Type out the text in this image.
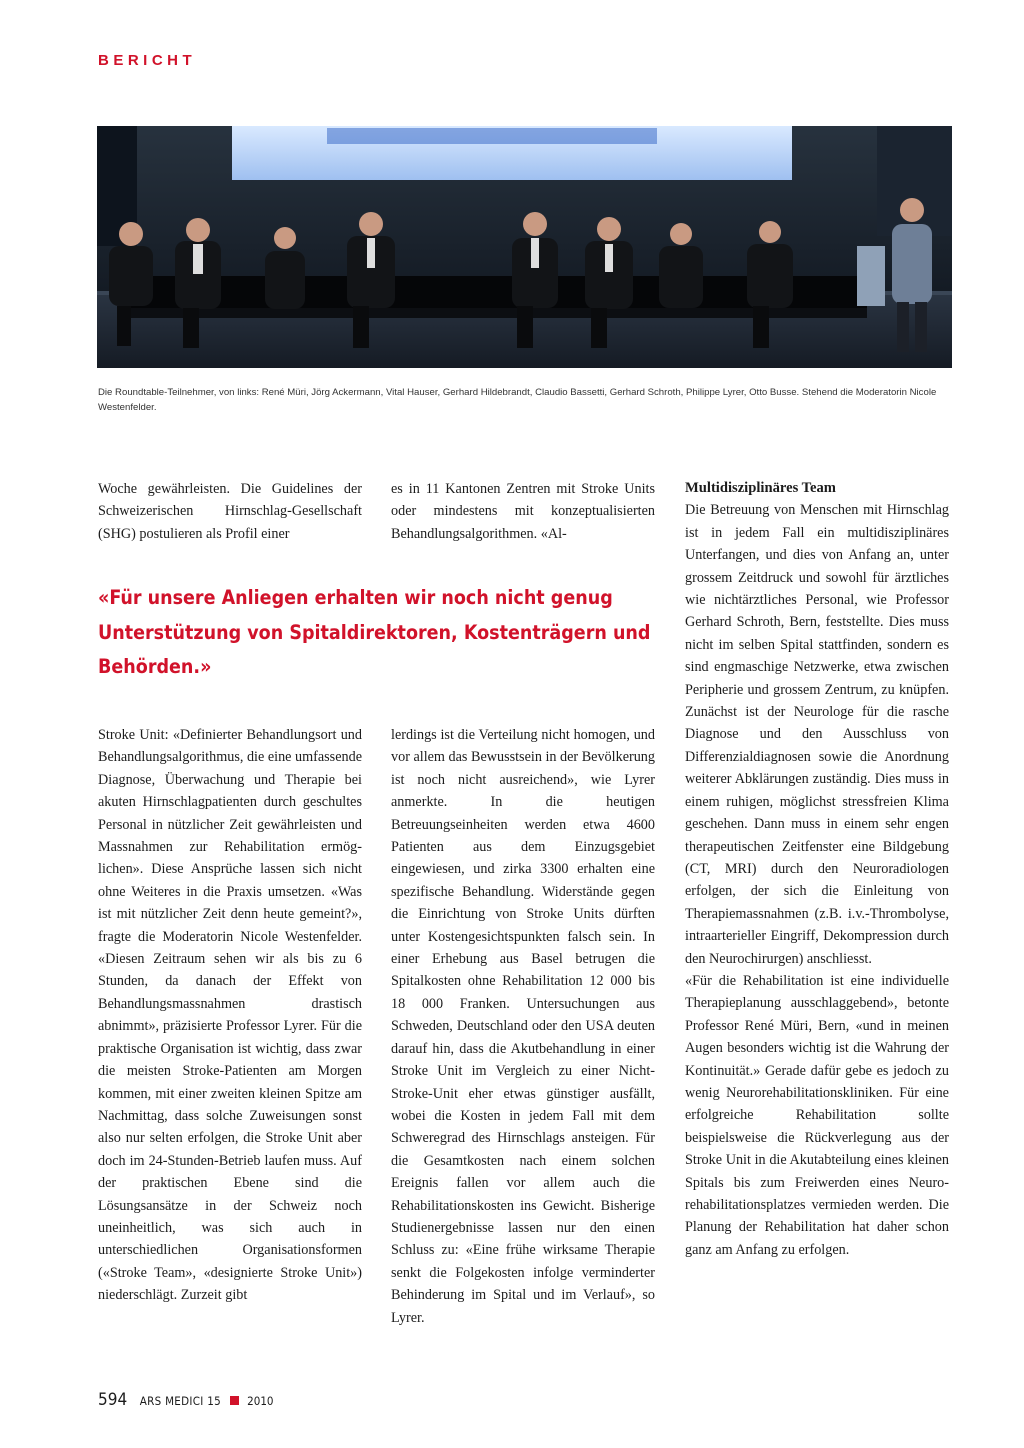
BERICHT

Die Roundtable-Teilnehmer, von links: René Müri, Jörg Ackermann, Vital Hauser, Gerhard Hildebrandt, Claudio Bassetti, Gerhard Schroth, Philippe Lyrer, Otto Busse. Stehend die Moderatorin Nicole Westenfelder.

Woche gewährleisten. Die Guidelines der Schweizerischen Hirnschlag-Gesellschaft (SHG) postulieren als Profil einer

es in 11 Kantonen Zentren mit Stroke Units oder mindestens mit konzeptualisierten Behandlungsalgorithmen. «Al-

«Für unsere Anliegen erhalten wir noch nicht genug Unterstützung von Spitaldirektoren, Kostenträgern und Behörden.»

Stroke Unit: «Definierter Behandlungsort und Behandlungsalgorithmus, die eine umfassende Diagnose, Überwachung und Therapie bei akuten Hirnschlagpatienten durch geschultes Personal in nützlicher Zeit gewährleisten und Massnahmen zur Rehabilitation ermöglichen». Diese Ansprüche lassen sich nicht ohne Weiteres in die Praxis umsetzen. «Was ist mit nützlicher Zeit denn heute gemeint?», fragte die Moderatorin Nicole Westenfelder. «Diesen Zeitraum sehen wir als bis zu 6 Stunden, da danach der Effekt von Behandlungsmassnahmen drastisch abnimmt», präzisierte Professor Lyrer. Für die praktische Organisation ist wichtig, dass zwar die meisten Stroke-Patienten am Morgen kommen, mit einer zweiten kleinen Spitze am Nachmittag, dass solche Zuweisungen sonst also nur selten erfolgen, die Stroke Unit aber doch im 24-Stunden-Betrieb laufen muss. Auf der praktischen Ebene sind die Lösungsansätze in der Schweiz noch uneinheitlich, was sich auch in unterschiedlichen Organisationsformen («Stroke Team», «designierte Stroke Unit») niederschlägt. Zurzeit gibt

lerdings ist die Verteilung nicht homogen, und vor allem das Bewusstsein in der Bevölkerung ist noch nicht ausreichend», wie Lyrer anmerkte. In die heutigen Betreuungseinheiten werden etwa 4600 Patienten aus dem Einzugsgebiet eingewiesen, und zirka 3300 erhalten eine spezifische Behandlung. Widerstände gegen die Einrichtung von Stroke Units dürften unter Kostengesichtspunkten falsch sein. In einer Erhebung aus Basel betrugen die Spitalkosten ohne Rehabilitation 12 000 bis 18 000 Franken. Untersuchungen aus Schweden, Deutschland oder den USA deuten darauf hin, dass die Akutbehandlung in einer Stroke Unit im Vergleich zu einer Nicht-Stroke-Unit eher etwas günstiger ausfällt, wobei die Kosten in jedem Fall mit dem Schweregrad des Hirnschlags ansteigen. Für die Gesamtkosten nach einem solchen Ereignis fallen vor allem auch die Rehabilitationskosten ins Gewicht. Bisherige Studienergebnisse lassen nur den einen Schluss zu: «Eine frühe wirksame Therapie senkt die Folgekosten infolge verminderter Behinderung im Spital und im Verlauf», so Lyrer.

Multidisziplinäres Team

Die Betreuung von Menschen mit Hirnschlag ist in jedem Fall ein multidisziplinäres Unterfangen, und dies von Anfang an, unter grossem Zeitdruck und sowohl für ärztliches wie nichtärztliches Personal, wie Professor Gerhard Schroth, Bern, feststellte. Dies muss nicht im selben Spital stattfinden, sondern es sind engmaschige Netzwerke, etwa zwischen Peripherie und grossem Zentrum, zu knüpfen. Zunächst ist der Neurologe für die rasche Diagnose und den Ausschluss von Differenzialdiagnosen sowie die Anordnung weiterer Abklärungen zuständig. Dies muss in einem ruhigen, möglichst stressfreien Klima geschehen. Dann muss in einem sehr engen therapeutischen Zeitfenster eine Bildgebung (CT, MRI) durch den Neuroradiologen erfolgen, der sich die Einleitung von Therapiemassnahmen (z.B. i.v.-Thrombolyse, intraarterieller Eingriff, Dekompression durch den Neurochirurgen) anschliesst.

«Für die Rehabilitation ist eine individuelle Therapieplanung ausschlaggebend», betonte Professor René Müri, Bern, «und in meinen Augen besonders wichtig ist die Wahrung der Kontinuität.» Gerade dafür gebe es jedoch zu wenig Neurorehabilitationskliniken. Für eine erfolgreiche Rehabilitation sollte beispielsweise die Rückverlegung aus der Stroke Unit in die Akutabteilung eines kleinen Spitals bis zum Freiwerden eines Neurorehabilitationsplatzes vermieden werden. Die Planung der Rehabilitation hat daher schon ganz am Anfang zu erfolgen.

594 ARS MEDICI 15 2010
